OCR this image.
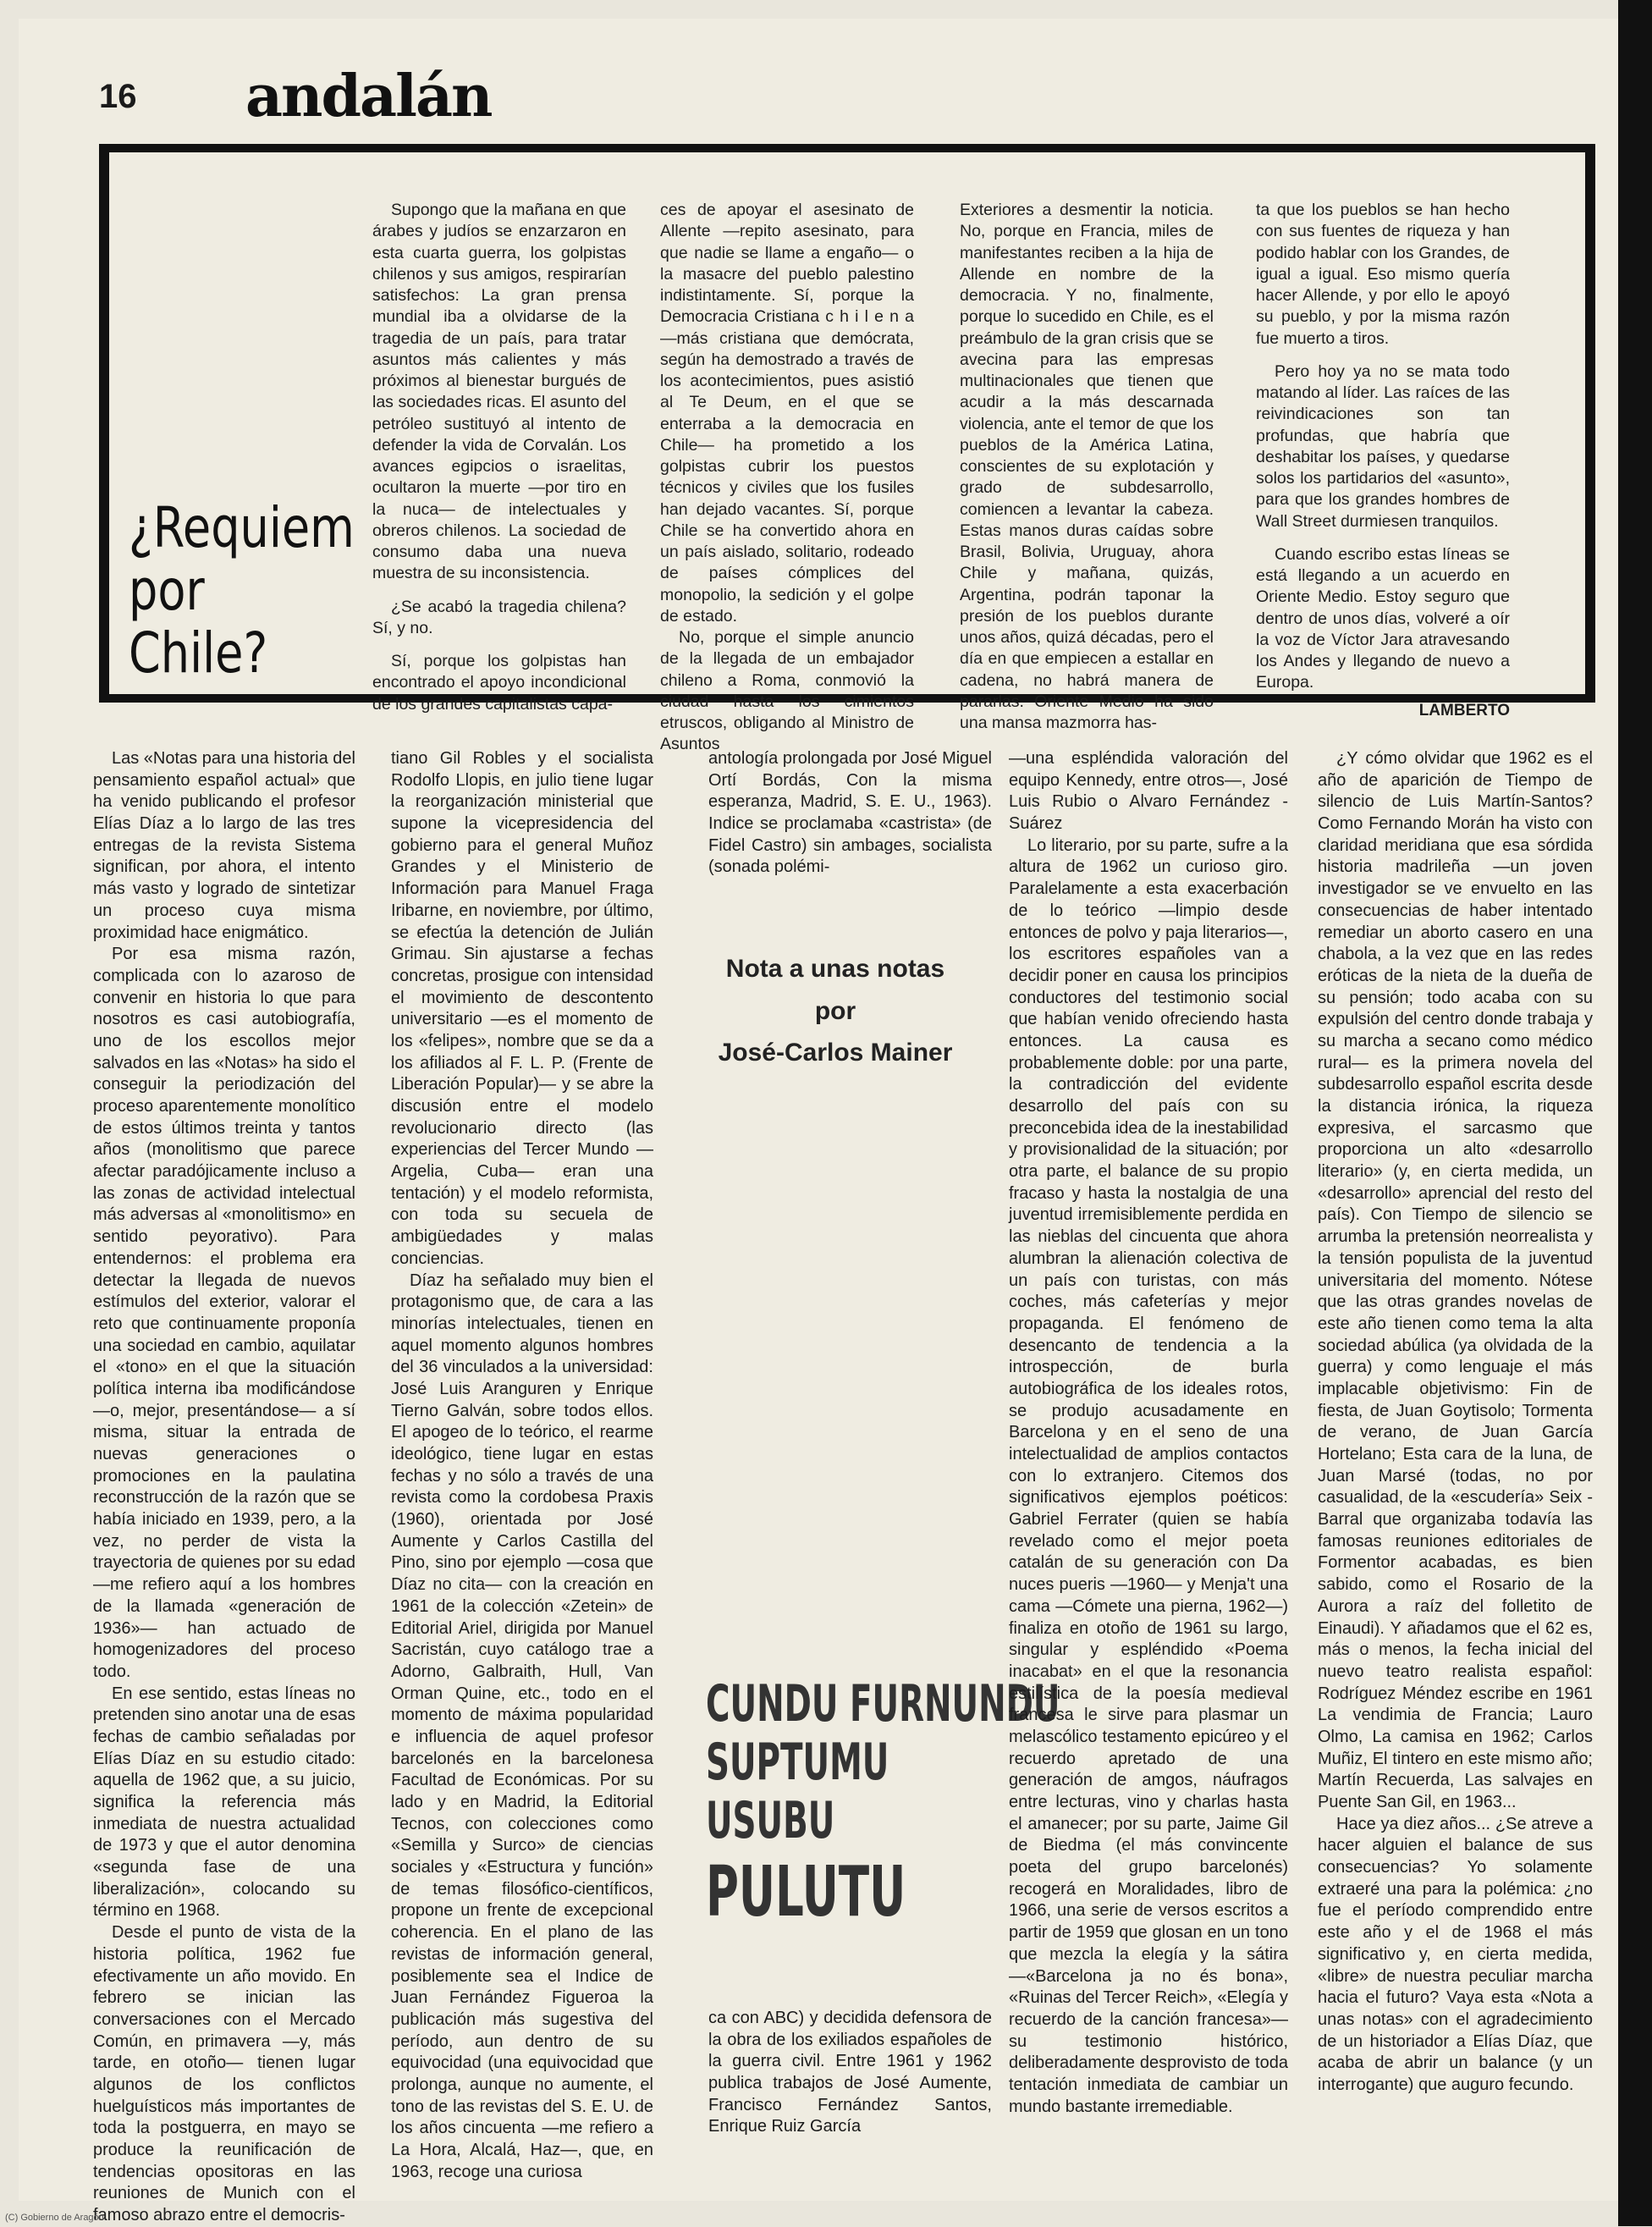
16 andalán
¿Requiem
por Chile?

Supongo que la mañana en que árabes y judíos se enzarzaron en esta cuarta guerra, los golpistas chilenos y sus amigos, respirarían satisfechos: La gran prensa mundial iba a olvidarse de la tragedia de un país, para tratar asuntos más calientes y más próximos al bienestar burgués de las sociedades ricas. El asunto del petróleo sustituyó al intento de defender la vida de Corvalán. Los avances egipcios o israelitas, ocultaron la muerte —por tiro en la nuca— de intelectuales y obreros chilenos. La sociedad de consumo daba una nueva muestra de su inconsistencia.

¿Se acabó la tragedia chilena? Sí, y no.

Sí, porque los golpistas han encontrado el apoyo incondicional de los grandes capitalistas capa-

ces de apoyar el asesinato de Allente —repito asesinato, para que nadie se llame a engaño— o la masacre del pueblo palestino indistintamente. Sí, porque la Democracia Cristiana c h i l e n a —más cristiana que demócrata, según ha demostrado a través de los acontecimientos, pues asistió al Te Deum, en el que se enterraba a la democracia en Chile— ha prometido a los golpistas cubrir los puestos técnicos y civiles que los fusiles han dejado vacantes. Sí, porque Chile se ha convertido ahora en un país aislado, solitario, rodeado de países cómplices del monopolio, la sedición y el golpe de estado.

No, porque el simple anuncio de la llegada de un embajador chileno a Roma, conmovió la ciudad hasta los cimientos etruscos, obligando al Ministro de Asuntos

Exteriores a desmentir la noticia. No, porque en Francia, miles de manifestantes reciben a la hija de Allende en nombre de la democracia. Y no, finalmente, porque lo sucedido en Chile, es el preámbulo de la gran crisis que se avecina para las empresas multinacionales que tienen que acudir a la más descarnada violencia, ante el temor de que los pueblos de la América Latina, conscientes de su explotación y grado de subdesarrollo, comiencen a levantar la cabeza. Estas manos duras caídas sobre Brasil, Bolivia, Uruguay, ahora Chile y mañana, quizás, Argentina, podrán taponar la presión de los pueblos durante unos años, quizá décadas, pero el día en que empiecen a estallar en cadena, no habrá manera de pararlas. Oriente Medio ha sido una mansa mazmorra has-

ta que los pueblos se han hecho con sus fuentes de riqueza y han podido hablar con los Grandes, de igual a igual. Eso mismo quería hacer Allende, y por ello le apoyó su pueblo, y por la misma razón fue muerto a tiros.

Pero hoy ya no se mata todo matando al líder. Las raíces de las reivindicaciones son tan profundas, que habría que deshabitar los países, y quedarse solos los partidarios del «asunto», para que los grandes hombres de Wall Street durmiesen tranquilos.

Cuando escribo estas líneas se está llegando a un acuerdo en Oriente Medio. Estoy seguro que dentro de unos días, volveré a oír la voz de Víctor Jara atravesando los Andes y llegando de nuevo a Europa.

LAMBERTO

Las «Notas para una historia del pensamiento español actual» que ha venido publicando el profesor Elías Díaz a lo largo de las tres entregas de la revista Sistema significan, por ahora, el intento más vasto y logrado de sintetizar un proceso cuya misma proximidad hace enigmático.

Por esa misma razón, complicada con lo azaroso de convenir en historia lo que para nosotros es casi autobiografía, uno de los escollos mejor salvados en las «Notas» ha sido el conseguir la periodización del proceso aparentemente monolítico de estos últimos treinta y tantos años (monolitismo que parece afectar paradójicamente incluso a las zonas de actividad intelectual más adversas al «monolitismo» en sentido peyorativo). Para entendernos: el problema era detectar la llegada de nuevos estímulos del exterior, valorar el reto que continuamente proponía una sociedad en cambio, aquilatar el «tono» en el que la situación política interna iba modificándose —o, mejor, presentándose— a sí misma, situar la entrada de nuevas generaciones o promociones en la paulatina reconstrucción de la razón que se había iniciado en 1939, pero, a la vez, no perder de vista la trayectoria de quienes por su edad —me refiero aquí a los hombres de la llamada «generación de 1936»— han actuado de homogenizadores del proceso todo.

En ese sentido, estas líneas no pretenden sino anotar una de esas fechas de cambio señaladas por Elías Díaz en su estudio citado: aquella de 1962 que, a su juicio, significa la referencia más inmediata de nuestra actualidad de 1973 y que el autor denomina «segunda fase de una liberalización», colocando su término en 1968.

Desde el punto de vista de la historia política, 1962 fue efectivamente un año movido. En febrero se inician las conversaciones con el Mercado Común, en primavera —y, más tarde, en otoño— tienen lugar algunos de los conflictos huelguísticos más importantes de toda la postguerra, en mayo se produce la reunificación de tendencias opositoras en las reuniones de Munich con el famoso abrazo entre el democris-

tiano Gil Robles y el socialista Rodolfo Llopis, en julio tiene lugar la reorganización ministerial que supone la vicepresidencia del gobierno para el general Muñoz Grandes y el Ministerio de Información para Manuel Fraga Iribarne, en noviembre, por último, se efectúa la detención de Julián Grimau. Sin ajustarse a fechas concretas, prosigue con intensidad el movimiento de descontento universitario —es el momento de los «felipes», nombre que se da a los afiliados al F. L. P. (Frente de Liberación Popular)— y se abre la discusión entre el modelo revolucionario directo (las experiencias del Tercer Mundo —Argelia, Cuba— eran una tentación) y el modelo reformista, con toda su secuela de ambigüedades y malas conciencias.

Díaz ha señalado muy bien el protagonismo que, de cara a las minorías intelectuales, tienen en aquel momento algunos hombres del 36 vinculados a la universidad: José Luis Aranguren y Enrique Tierno Galván, sobre todos ellos. El apogeo de lo teórico, el rearme ideológico, tiene lugar en estas fechas y no sólo a través de una revista como la cordobesa Praxis (1960), orientada por José Aumente y Carlos Castilla del Pino, sino por ejemplo —cosa que Díaz no cita— con la creación en 1961 de la colección «Zetein» de Editorial Ariel, dirigida por Manuel Sacristán, cuyo catálogo trae a Adorno, Galbraith, Hull, Van Orman Quine, etc., todo en el momento de máxima popularidad e influencia de aquel profesor barcelonés en la barcelonesa Facultad de Económicas. Por su lado y en Madrid, la Editorial Tecnos, con colecciones como «Semilla y Surco» de ciencias sociales y «Estructura y función» de temas filosófico-científicos, propone un frente de excepcional coherencia. En el plano de las revistas de información general, posiblemente sea el Indice de Juan Fernández Figueroa la publicación más sugestiva del período, aun dentro de su equivocidad (una equivocidad que prolonga, aunque no aumente, el tono de las revistas del S. E. U. de los años cincuenta —me refiero a La Hora, Alcalá, Haz—, que, en 1963, recoge una curiosa

antología prolongada por José Miguel Ortí Bordás, Con la misma esperanza, Madrid, S. E. U., 1963). Indice se proclamaba «castrista» (de Fidel Castro) sin ambages, socialista (sonada polémi-

Nota a unas notas
por
José-Carlos Mainer
CUNDU FURNUNDU
SUPTUMU
USUBU
PULUTU

ca con ABC) y decidida defensora de la obra de los exiliados españoles de la guerra civil. Entre 1961 y 1962 publica trabajos de José Aumente, Francisco Fernández Santos, Enrique Ruiz García

—una espléndida valoración del equipo Kennedy, entre otros—, José Luis Rubio o Alvaro Fernández - Suárez

Lo literario, por su parte, sufre a la altura de 1962 un curioso giro. Paralelamente a esta exacerbación de lo teórico —limpio desde entonces de polvo y paja literarios—, los escritores españoles van a decidir poner en causa los principios conductores del testimonio social que habían venido ofreciendo hasta entonces. La causa es probablemente doble: por una parte, la contradicción del evidente desarrollo del país con su preconcebida idea de la inestabilidad y provisionalidad de la situación; por otra parte, el balance de su propio fracaso y hasta la nostalgia de una juventud irremisiblemente perdida en las nieblas del cincuenta que ahora alumbran la alienación colectiva de un país con turistas, con más coches, más cafeterías y mejor propaganda. El fenómeno de desencanto de tendencia a la introspección, de burla autobiográfica de los ideales rotos, se produjo acusadamente en Barcelona y en el seno de una intelectualidad de amplios contactos con lo extranjero. Citemos dos significativos ejemplos poéticos: Gabriel Ferrater (quien se había revelado como el mejor poeta catalán de su generación con Da nuces pueris —1960— y Menja't una cama —Cómete una pierna, 1962—) finaliza en otoño de 1961 su largo, singular y espléndido «Poema inacabat» en el que la resonancia estilística de la poesía medieval francesa le sirve para plasmar un melascólico testamento epicúreo y el recuerdo apretado de una generación de amgos, náufragos entre lecturas, vino y charlas hasta el amanecer; por su parte, Jaime Gil de Biedma (el más convincente poeta del grupo barcelonés) recogerá en Moralidades, libro de 1966, una serie de versos escritos a partir de 1959 que glosan en un tono que mezcla la elegía y la sátira —«Barcelona ja no és bona», «Ruinas del Tercer Reich», «Elegía y recuerdo de la canción francesa»— su testimonio histórico, deliberadamente desprovisto de toda tentación inmediata de cambiar un mundo bastante irremediable.

¿Y cómo olvidar que 1962 es el año de aparición de Tiempo de silencio de Luis Martín-Santos? Como Fernando Morán ha visto con claridad meridiana que esa sórdida historia madrileña —un joven investigador se ve envuelto en las consecuencias de haber intentado remediar un aborto casero en una chabola, a la vez que en las redes eróticas de la nieta de la dueña de su pensión; todo acaba con su expulsión del centro donde trabaja y su marcha a secano como médico rural— es la primera novela del subdesarrollo español escrita desde la distancia irónica, la riqueza expresiva, el sarcasmo que proporciona un alto «desarrollo literario» (y, en cierta medida, un «desarrollo» aprencial del resto del país). Con Tiempo de silencio se arrumba la pretensión neorrealista y la tensión populista de la juventud universitaria del momento. Nótese que las otras grandes novelas de este año tienen como tema la alta sociedad abúlica (ya olvidada de la guerra) y como lenguaje el más implacable objetivismo: Fin de fiesta, de Juan Goytisolo; Tormenta de verano, de Juan García Hortelano; Esta cara de la luna, de Juan Marsé (todas, no por casualidad, de la «escudería» Seix - Barral que organizaba todavía las famosas reuniones editoriales de Formentor acabadas, es bien sabido, como el Rosario de la Aurora a raíz del folletito de Einaudi). Y añadamos que el 62 es, más o menos, la fecha inicial del nuevo teatro realista español: Rodríguez Méndez escribe en 1961 La vendimia de Francia; Lauro Olmo, La camisa en 1962; Carlos Muñiz, El tintero en este mismo año; Martín Recuerda, Las salvajes en Puente San Gil, en 1963...

Hace ya diez años... ¿Se atreve a hacer alguien el balance de sus consecuencias? Yo solamente extraeré una para la polémica: ¿no fue el período comprendido entre este año y el de 1968 el más significativo y, en cierta medida, «libre» de nuestra peculiar marcha hacia el futuro? Vaya esta «Nota a unas notas» con el agradecimiento de un historiador a Elías Díaz, que acaba de abrir un balance (y un interrogante) que auguro fecundo.

(C) Gobierno de Aragón
